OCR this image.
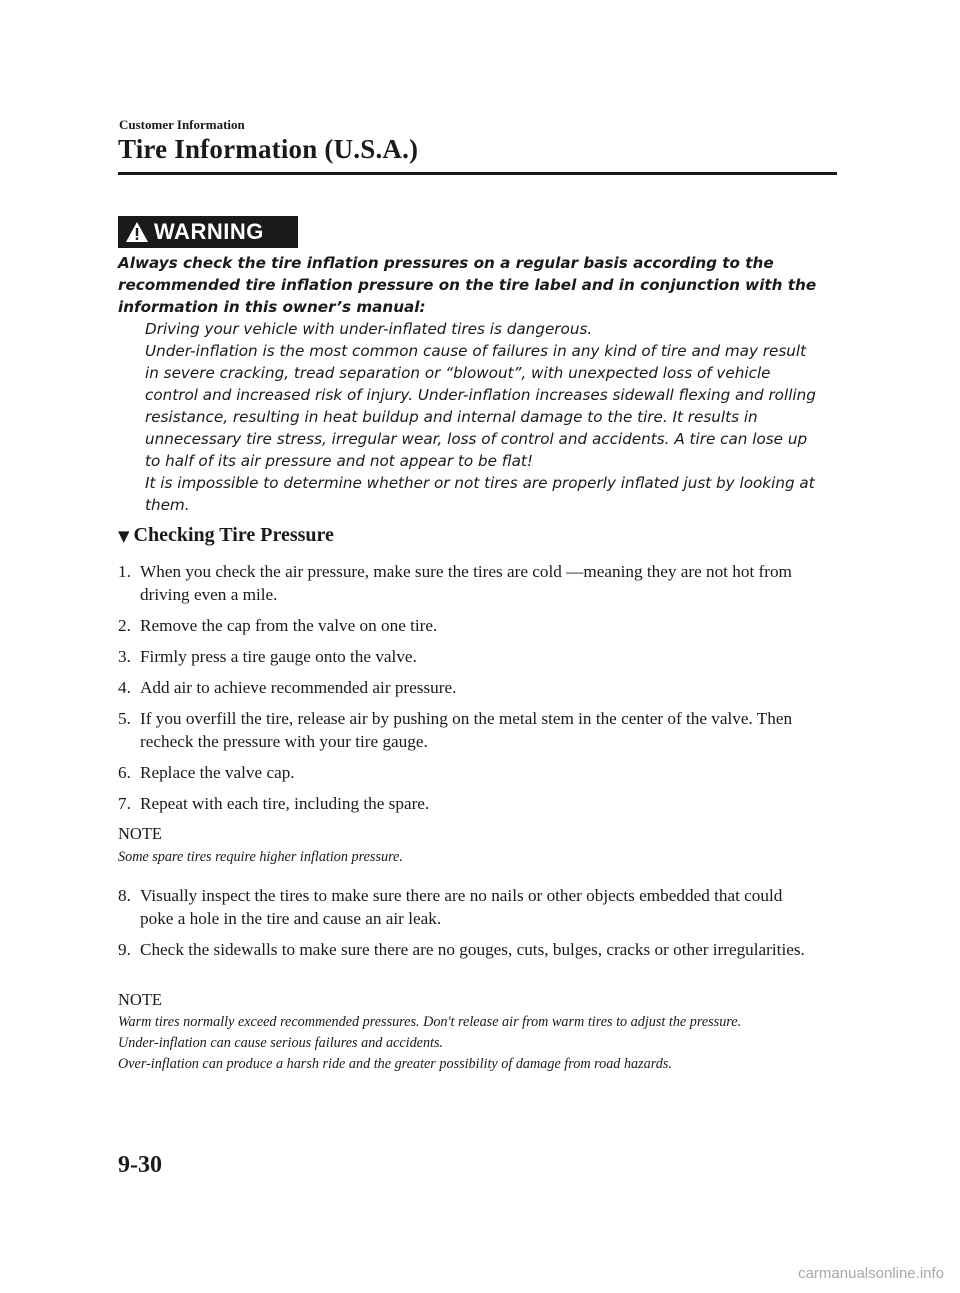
Customer Information
Tire Information (U.S.A.)
WARNING
Always check the tire inflation pressures on a regular basis according to the recommended tire inflation pressure on the tire label and in conjunction with the information in this owner’s manual:

Driving your vehicle with under-inflated tires is dangerous.

Under-inflation is the most common cause of failures in any kind of tire and may result in severe cracking, tread separation or “blowout”, with unexpected loss of vehicle control and increased risk of injury. Under-inflation increases sidewall flexing and rolling resistance, resulting in heat buildup and internal damage to the tire. It results in unnecessary tire stress, irregular wear, loss of control and accidents. A tire can lose up to half of its air pressure and not appear to be flat!

It is impossible to determine whether or not tires are properly inflated just by looking at them.

▼ Checking Tire Pressure
1. When you check the air pressure, make sure the tires are cold ―meaning they are not hot from driving even a mile.
2. Remove the cap from the valve on one tire.
3. Firmly press a tire gauge onto the valve.
4. Add air to achieve recommended air pressure.
5. If you overfill the tire, release air by pushing on the metal stem in the center of the valve. Then recheck the pressure with your tire gauge.
6. Replace the valve cap.
7. Repeat with each tire, including the spare.
NOTE

Some spare tires require higher inflation pressure.

8. Visually inspect the tires to make sure there are no nails or other objects embedded that could poke a hole in the tire and cause an air leak.
9. Check the sidewalls to make sure there are no gouges, cuts, bulges, cracks or other irregularities.
NOTE

Warm tires normally exceed recommended pressures. Don't release air from warm tires to adjust the pressure.

Under-inflation can cause serious failures and accidents.

Over-inflation can produce a harsh ride and the greater possibility of damage from road hazards.

9-30
carmanualsonline.info
